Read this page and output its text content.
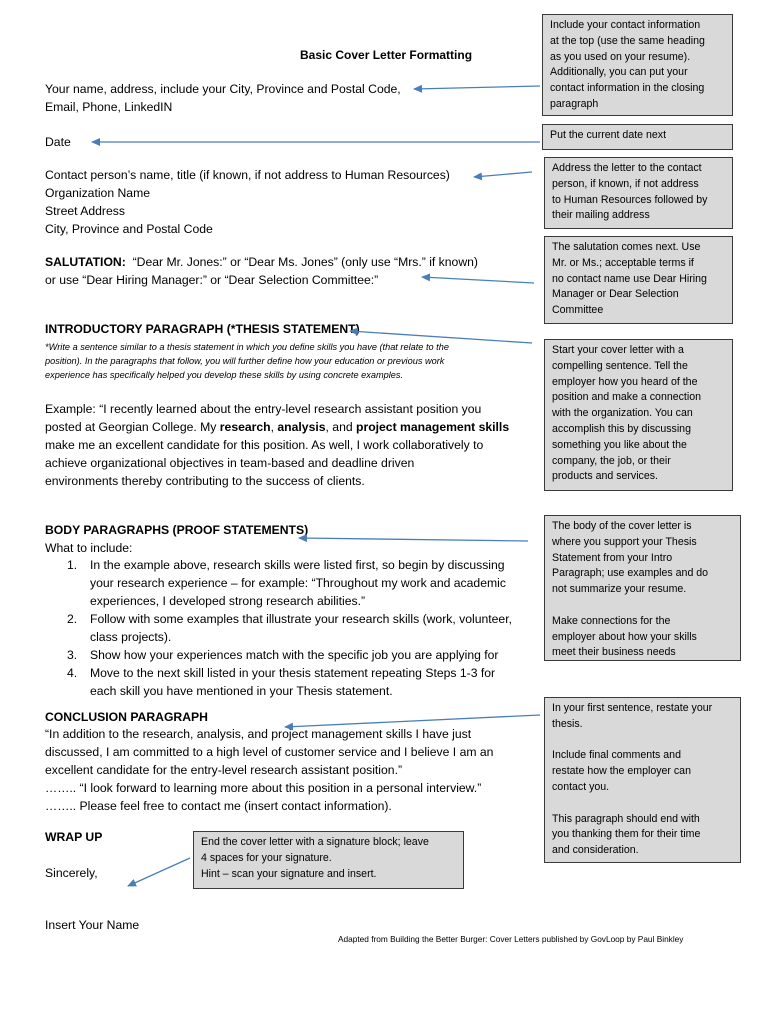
Basic Cover Letter Formatting
Your name, address, include your City, Province and Postal Code,
Email, Phone, LinkedIN
Date
Contact person’s name, title (if known, if not address to Human Resources)
Organization Name
Street Address
City, Province and Postal Code
SALUTATION: “Dear Mr. Jones:” or “Dear Ms. Jones” (only use “Mrs.” if known)
or use “Dear Hiring Manager:” or “Dear Selection Committee:”
INTRODUCTORY PARAGRAPH (*THESIS STATEMENT)
*Write a sentence similar to a thesis statement in which you define skills you have (that relate to the
position). In the paragraphs that follow, you will further define how your education or previous work
experience has specifically helped you develop these skills by using concrete examples.
Example: “I recently learned about the entry-level research assistant position you
posted at Georgian College. My research, analysis, and project management skills
make me an excellent candidate for this position. As well, I work collaboratively to
achieve organizational objectives in team-based and deadline driven
environments thereby contributing to the success of clients.
BODY PARAGRAPHS (PROOF STATEMENTS)
What to include:
1. In the example above, research skills were listed first, so begin by discussing
your research experience – for example: “Throughout my work and academic
experiences, I developed strong research abilities.”
2. Follow with some examples that illustrate your research skills (work, volunteer,
class projects).
3. Show how your experiences match with the specific job you are applying for
4. Move to the next skill listed in your thesis statement repeating Steps 1-3 for
each skill you have mentioned in your Thesis statement.
CONCLUSION PARAGRAPH
“In addition to the research, analysis, and project management skills I have just
discussed, I am committed to a high level of customer service and I believe I am an
excellent candidate for the entry-level research assistant position.”
…….. “I look forward to learning more about this position in a personal interview.”
…….. Please feel free to contact me (insert contact information).
WRAP UP
Sincerely,
Insert Your Name
Include your contact information
at the top (use the same heading
as you used on your resume).
Additionally, you can put your
contact information in the closing
paragraph
Put the current date next
Address the letter to the contact
person, if known, if not address
to Human Resources followed by
their mailing address
The salutation comes next. Use
Mr. or Ms.; acceptable terms if
no contact name use Dear Hiring
Manager or Dear Selection
Committee
Start your cover letter with a
compelling sentence. Tell the
employer how you heard of the
position and make a connection
with the organization. You can
accomplish this by discussing
something you like about the
company, the job, or their
products and services.
The body of the cover letter is
where you support your Thesis
Statement from your Intro
Paragraph; use examples and do
not summarize your resume.

Make connections for the
employer about how your skills
meet their business needs
In your first sentence, restate your
thesis.

Include final comments and
restate how the employer can
contact you.

This paragraph should end with
you thanking them for their time
and consideration.
End the cover letter with a signature block; leave
4 spaces for your signature.
Hint – scan your signature and insert.
Adapted from Building the Better Burger: Cover Letters published by GovLoop by Paul Binkley
